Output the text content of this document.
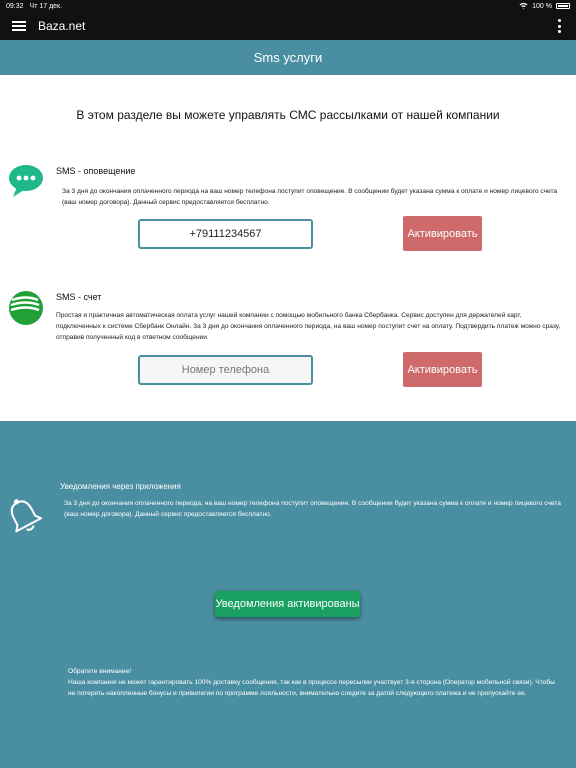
09:32 Чт 17 дек.	100 %
Baza.net
Sms услуги
В этом разделе вы можете управлять СМС рассылками от нашей компании
SMS - оповещение

За 3 дня до окончания оплаченного периода на ваш номер телефона поступит оповещение. В сообщении будет указана сумма к оплате и номер лицевого счета (ваш номер договора). Данный сервис предоставляется бесплатно.

+79111234567
Активировать
SMS - счет

Простая и практичная автоматическая оплата услуг нашей компании с помощью мобильного банка Сбербанка. Сервис доступен для держателей карт, подключенных к системе Сбербанк Онлайн. За 3 дня до окончания оплаченного периода, на ваш номер поступит счет на оплату. Подтвердить платеж можно сразу, отправив полученный код в ответном сообщении.

Номер телефона
Активировать
Уведомления через приложения

За 3 дня до окончания оплаченного периода, на ваш номер телефона поступит оповещение. В сообщении будет указана сумма к оплате и номер лицевого счета (ваш номер договора). Данный сервис предоставляется бесплатно.

Уведомления активированы

Обратите внимание!

Наша компания не может гарантировать 100% доставку сообщения, так как в процессе пересылки участвует 3-я сторона (Оператор мобильной связи). Чтобы не потерять накопленные бонусы и привилегии по программе лояльности, внимательно следите за датой следующего платежа и не пропускайте ее.
